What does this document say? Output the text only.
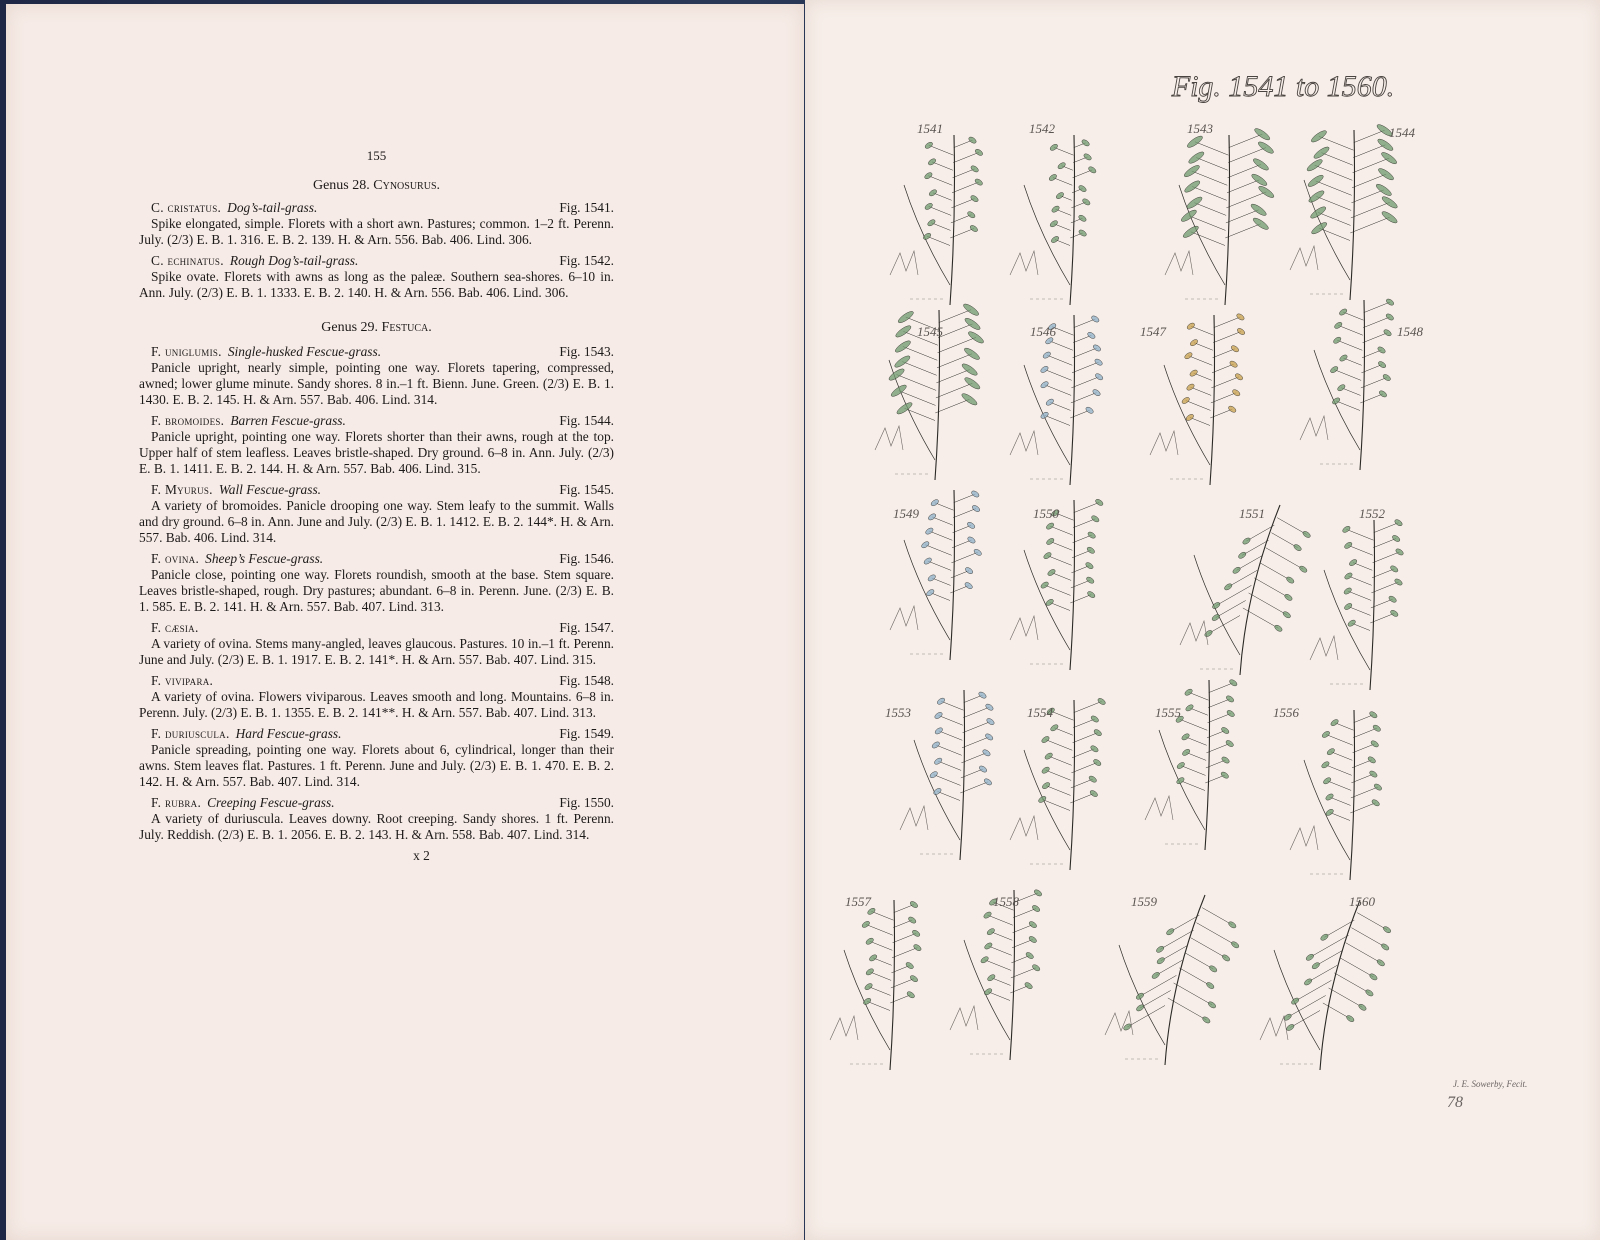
155
Genus 28. Cynosurus.
C. cristatus. Dog’s-tail-grass.	Fig. 1541.
Spike elongated, simple. Florets with a short awn. Pastures; common. 1–2 ft. Perenn. July. (2/3) E. B. 1. 316. E. B. 2. 139. H. & Arn. 556. Bab. 406. Lind. 306.
C. echinatus. Rough Dog’s-tail-grass.	Fig. 1542.
Spike ovate. Florets with awns as long as the paleæ. Southern sea-shores. 6–10 in. Ann. July. (2/3) E. B. 1. 1333. E. B. 2. 140. H. & Arn. 556. Bab. 406. Lind. 306.
Genus 29. Festuca.
F. uniglumis. Single-husked Fescue-grass.	Fig. 1543.
Panicle upright, nearly simple, pointing one way. Florets tapering, compressed, awned; lower glume minute. Sandy shores. 8 in.–1 ft. Bienn. June. Green. (2/3) E. B. 1. 1430. E. B. 2. 145. H. & Arn. 557. Bab. 406. Lind. 314.
F. bromoides. Barren Fescue-grass.	Fig. 1544.
Panicle upright, pointing one way. Florets shorter than their awns, rough at the top. Upper half of stem leafless. Leaves bristle-shaped. Dry ground. 6–8 in. Ann. July. (2/3) E. B. 1. 1411. E. B. 2. 144. H. & Arn. 557. Bab. 406. Lind. 315.
F. Myurus. Wall Fescue-grass.	Fig. 1545.
A variety of bromoides. Panicle drooping one way. Stem leafy to the summit. Walls and dry ground. 6–8 in. Ann. June and July. (2/3) E. B. 1. 1412. E. B. 2. 144*. H. & Arn. 557. Bab. 406. Lind. 314.
F. ovina. Sheep’s Fescue-grass.	Fig. 1546.
Panicle close, pointing one way. Florets roundish, smooth at the base. Stem square. Leaves bristle-shaped, rough. Dry pastures; abundant. 6–8 in. Perenn. June. (2/3) E. B. 1. 585. E. B. 2. 141. H. & Arn. 557. Bab. 407. Lind. 313.
F. cæsia.	Fig. 1547.
A variety of ovina. Stems many-angled, leaves glaucous. Pastures. 10 in.–1 ft. Perenn. June and July. (2/3) E. B. 1. 1917. E. B. 2. 141*. H. & Arn. 557. Bab. 407. Lind. 315.
F. vivipara.	Fig. 1548.
A variety of ovina. Flowers viviparous. Leaves smooth and long. Mountains. 6–8 in. Perenn. July. (2/3) E. B. 1. 1355. E. B. 2. 141**. H. & Arn. 557. Bab. 407. Lind. 313.
F. duriuscula. Hard Fescue-grass.	Fig. 1549.
Panicle spreading, pointing one way. Florets about 6, cylindrical, longer than their awns. Stem leaves flat. Pastures. 1 ft. Perenn. June and July. (2/3) E. B. 1. 470. E. B. 2. 142. H. & Arn. 557. Bab. 407. Lind. 314.
F. rubra. Creeping Fescue-grass.	Fig. 1550.
A variety of duriuscula. Leaves downy. Root creeping. Sandy shores. 1 ft. Perenn. July. Reddish. (2/3) E. B. 1. 2056. E. B. 2. 143. H. & Arn. 558. Bab. 407. Lind. 314.
x 2
Fig. 1541 to 1560.
1541	1542	1543	1544
1545	1546	1547	1548
1549	1550	1551	1552
1553	1554	1555	1556
1557	1558	1559	1560
J. E. Sowerby, Fecit.
78
